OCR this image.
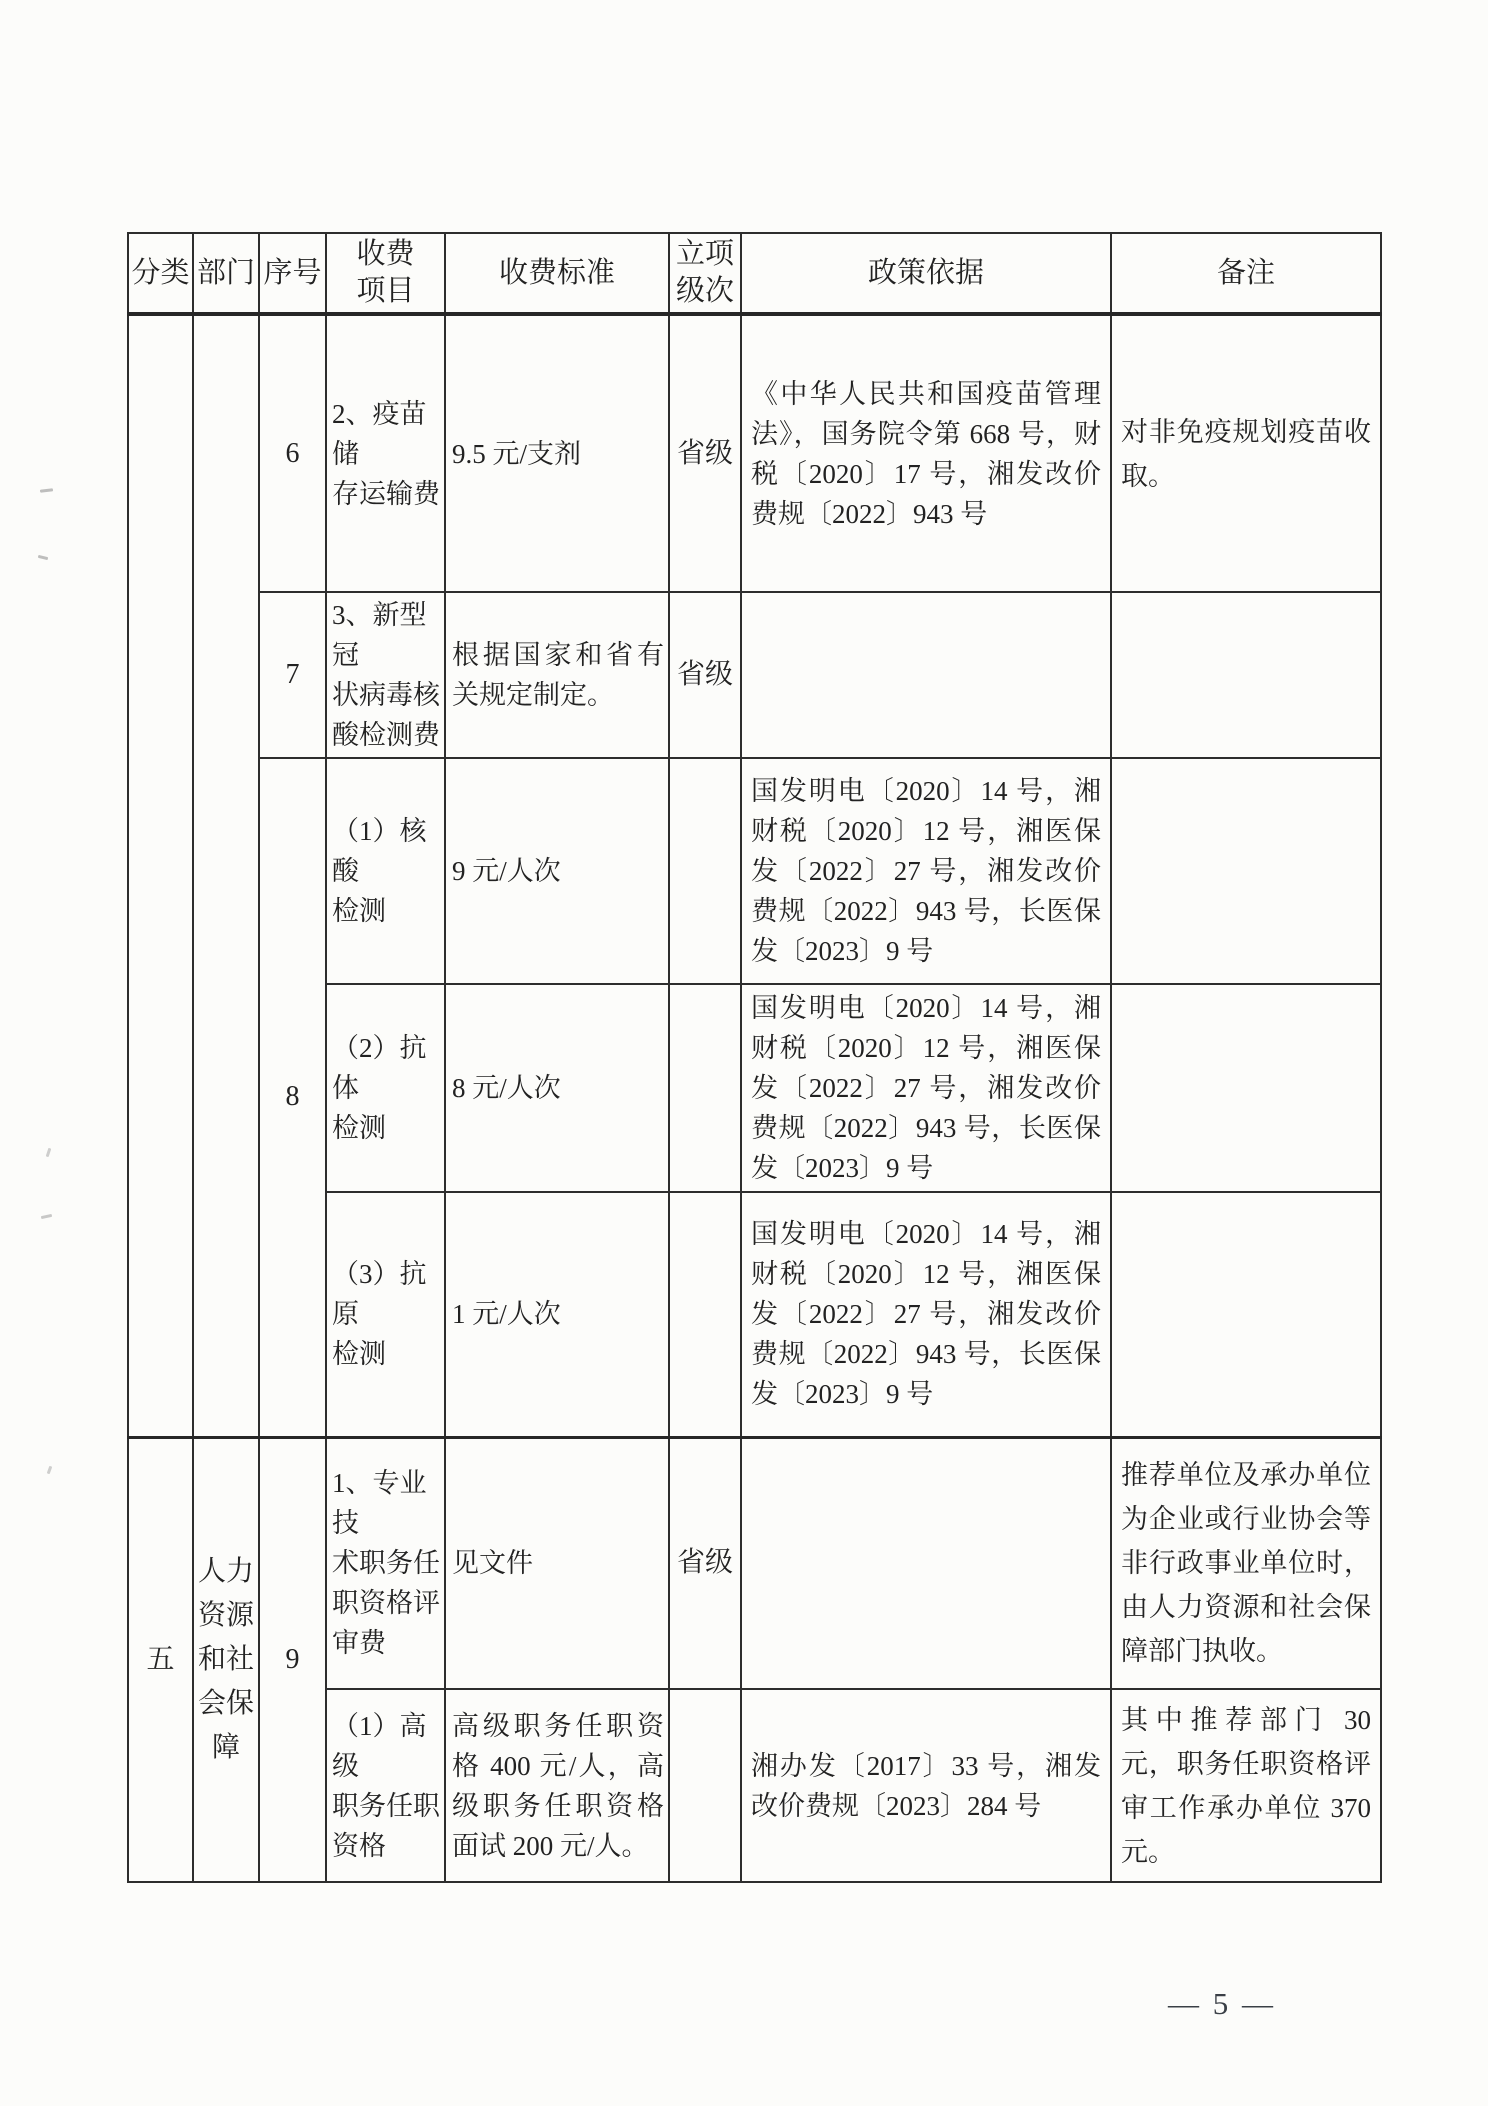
分类	部门	序号	收费项目	收费标准	立项级次	政策依据	备注
		6	2、疫苗储
存运输费	9.5 元/支剂	省级	《中华人民共和国疫苗管理法》，国务院令第 668 号，财税〔2020〕17 号，湘发改价费规〔2022〕943 号	对非免疫规划疫苗收取。
		7	3、新型冠
状病毒核
酸检测费	根据国家和省有关规定制定。	省级		
		8	（1）核酸
检测	9 元/人次		国发明电〔2020〕14 号，湘财税〔2020〕12 号，湘医保发〔2022〕27 号，湘发改价费规〔2022〕943 号，长医保发〔2023〕9 号	
			（2）抗体
检测	8 元/人次		国发明电〔2020〕14 号，湘财税〔2020〕12 号，湘医保发〔2022〕27 号，湘发改价费规〔2022〕943 号，长医保发〔2023〕9 号	
			（3）抗原
检测	1 元/人次		国发明电〔2020〕14 号，湘财税〔2020〕12 号，湘医保发〔2022〕27 号，湘发改价费规〔2022〕943 号，长医保发〔2023〕9 号	
五	人力资源和社会保障	9	1、专业技
术职务任
职资格评
审费	见文件	省级		推荐单位及承办单位为企业或行业协会等非行政事业单位时，由人力资源和社会保障部门执收。
			（1）高级
职务任职
资格	高级职务任职资格 400 元/人，高级职务任职资格面试 200 元/人。		湘办发〔2017〕33 号，湘发改价费规〔2023〕284 号	其中推荐部门 30 元，职务任职资格评审工作承办单位 370 元。
— 5 —
